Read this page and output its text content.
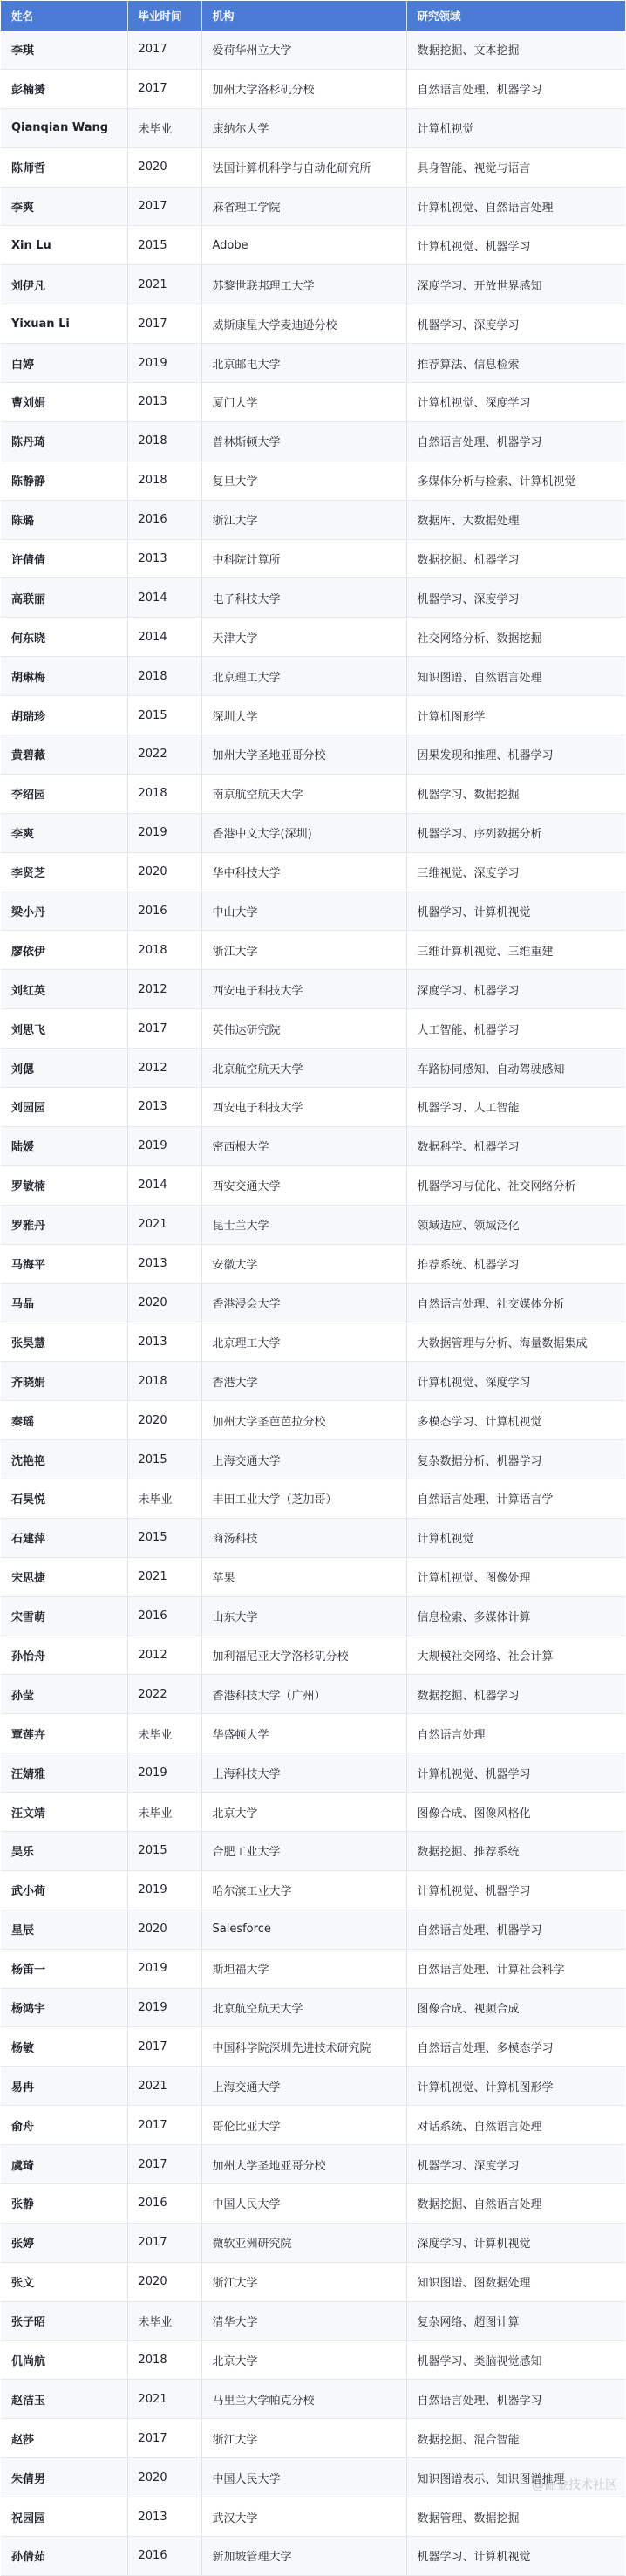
姓名	毕业时间	机构	研究领域
李琪	2017	爱荷华州立大学	数据挖掘、文本挖掘
彭楠赟	2017	加州大学洛杉矶分校	自然语言处理、机器学习
Qianqian Wang	未毕业	康纳尔大学	计算机视觉
陈师哲	2020	法国计算机科学与自动化研究所	具身智能、视觉与语言
李爽	2017	麻省理工学院	计算机视觉、自然语言处理
Xin Lu	2015	Adobe	计算机视觉、机器学习
刘伊凡	2021	苏黎世联邦理工大学	深度学习、开放世界感知
Yixuan Li	2017	威斯康星大学麦迪逊分校	机器学习、深度学习
白婷	2019	北京邮电大学	推荐算法、信息检索
曹刘娟	2013	厦门大学	计算机视觉、深度学习
陈丹琦	2018	普林斯顿大学	自然语言处理、机器学习
陈静静	2018	复旦大学	多媒体分析与检索、计算机视觉
陈璐	2016	浙江大学	数据库、大数据处理
许倩倩	2013	中科院计算所	数据挖掘、机器学习
高联丽	2014	电子科技大学	机器学习、深度学习
何东晓	2014	天津大学	社交网络分析、数据挖掘
胡琳梅	2018	北京理工大学	知识图谱、自然语言处理
胡瑞珍	2015	深圳大学	计算机图形学
黄碧薇	2022	加州大学圣地亚哥分校	因果发现和推理、机器学习
李绍园	2018	南京航空航天大学	机器学习、数据挖掘
李爽	2019	香港中文大学(深圳)	机器学习、序列数据分析
李贤芝	2020	华中科技大学	三维视觉、深度学习
梁小丹	2016	中山大学	机器学习、计算机视觉
廖依伊	2018	浙江大学	三维计算机视觉、三维重建
刘红英	2012	西安电子科技大学	深度学习、机器学习
刘思飞	2017	英伟达研究院	人工智能、机器学习
刘偲	2012	北京航空航天大学	车路协同感知、自动驾驶感知
刘园园	2013	西安电子科技大学	机器学习、人工智能
陆媛	2019	密西根大学	数据科学、机器学习
罗敏楠	2014	西安交通大学	机器学习与优化、社交网络分析
罗雅丹	2021	昆士兰大学	领域适应、领域泛化
马海平	2013	安徽大学	推荐系统、机器学习
马晶	2020	香港浸会大学	自然语言处理、社交媒体分析
张昊慧	2013	北京理工大学	大数据管理与分析、海量数据集成
齐晓娟	2018	香港大学	计算机视觉、深度学习
秦瑶	2020	加州大学圣芭芭拉分校	多模态学习、计算机视觉
沈艳艳	2015	上海交通大学	复杂数据分析、机器学习
石昊悦	未毕业	丰田工业大学（芝加哥）	自然语言处理、计算语言学
石建萍	2015	商汤科技	计算机视觉
宋思捷	2021	苹果	计算机视觉、图像处理
宋雪萌	2016	山东大学	信息检索、多媒体计算
孙怡舟	2012	加利福尼亚大学洛杉矶分校	大规模社交网络、社会计算
孙莹	2022	香港科技大学（广州）	数据挖掘、机器学习
覃莲卉	未毕业	华盛顿大学	自然语言处理
汪婧雅	2019	上海科技大学	计算机视觉、机器学习
汪文靖	未毕业	北京大学	图像合成、图像风格化
吴乐	2015	合肥工业大学	数据挖掘、推荐系统
武小荷	2019	哈尔滨工业大学	计算机视觉、机器学习
星辰	2020	Salesforce	自然语言处理、机器学习
杨笛一	2019	斯坦福大学	自然语言处理、计算社会科学
杨鸿宇	2019	北京航空航天大学	图像合成、视频合成
杨敏	2017	中国科学院深圳先进技术研究院	自然语言处理、多模态学习
易冉	2021	上海交通大学	计算机视觉、计算机图形学
俞舟	2017	哥伦比亚大学	对话系统、自然语言处理
虞琦	2017	加州大学圣地亚哥分校	机器学习、深度学习
张静	2016	中国人民大学	数据挖掘、自然语言处理
张婷	2017	微软亚洲研究院	深度学习、计算机视觉
张文	2020	浙江大学	知识图谱、图数据处理
张子昭	未毕业	清华大学	复杂网络、超图计算
仉尚航	2018	北京大学	机器学习、类脑视觉感知
赵洁玉	2021	马里兰大学帕克分校	自然语言处理、机器学习
赵莎	2017	浙江大学	数据挖掘、混合智能
朱倩男	2020	中国人民大学	知识图谱表示、知识图谱推理
祝园园	2013	武汉大学	数据管理、数据挖掘
孙倩茹	2016	新加坡管理大学	机器学习、计算机视觉
@掘金技术社区
